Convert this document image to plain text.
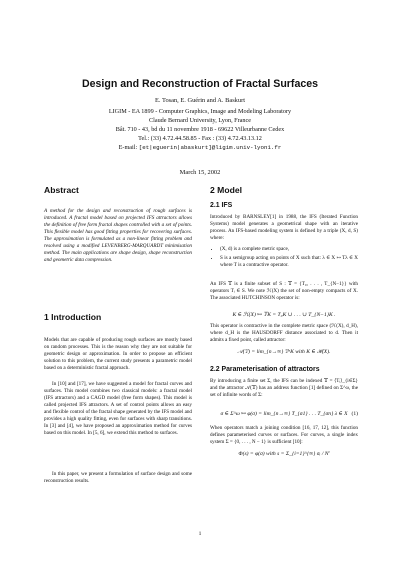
Design and Reconstruction of Fractal Surfaces
E. Tosan, E. Guérin and A. Baskurt
LIGIM - EA 1899 - Computer Graphics, Image and Modeling Laboratory
Claude Bernard University, Lyon, France
Bât. 710 - 43, bd du 11 novembre 1918 - 69622 Villeurbanne Cedex
Tel.: (33) 4.72.44.58.85 - Fax : (33) 4.72.43.13.12
E-mail: [et|eguerin|abaskurt]@ligim.univ-lyon1.fr
March 15, 2002
Abstract
A method for the design and reconstruction of rough surfaces is introduced. A fractal model based on projected IFS attractors allows the definition of free form fractal shapes controlled with a set of points. This flexible model has good fitting properties for recovering surfaces. The approximation is formulated as a non-linear fitting problem and resolved using a modified LEVENBERG-MARQUARDT minimisation method. The main applications are shape design, shape reconstruction and geometric data compression.
1 Introduction
Models that are capable of producing rough surfaces are mostly based on random processes. This is the reason why they are not suitable for geometric design or approximation. In order to propose an efficient solution to this problem, the current study presents a parametric model based on a deterministic fractal approach.
In [10] and [17], we have suggested a model for fractal curves and surfaces. This model combines two classical models: a fractal model (IFS attractors) and a CAGD model (free form shapes). This model is called projected IFS attractors. A set of control points allows an easy and flexible control of the fractal shape generated by the IFS model and provides a high quality fitting, even for surfaces with sharp transitions. In [3] and [4], we have proposed an approximation method for curves based on this model. In [5, 6], we extend this method to surfaces.
In this paper, we present a formulation of surface design and some reconstruction results.
2 Model
2.1 IFS
Introduced by BARNSLEY[1] in 1988, the IFS (Iterated Function Systems) model generates a geometrical shape with an iterative process. An IFS-based modeling system is defined by a triple (X, d, S) where:
• (X, d) is a complete metric space,
• S is a semigroup acting on points of X such that: λ ∈ X ↦ Tλ ∈ X where T is a contractive operator.
An IFS 𝕋 is a finite subset of S : 𝕋 = {T₀, . . . , T_{N−1}} with operators Tᵢ ∈ S. We note ℋ(X) the set of non-empty compacts of X. The associated HUTCHINSON operator is:
K ∈ ℋ(X) ↦ 𝕋K = T₀K ∪ . . . ∪ T_{N−1}K .
This operator is contractive in the complete metric space (ℋ(X), d_H), where d_H is the HAUSDORFF distance associated to d. Then it admits a fixed point, called attractor:
𝒜(𝕋) = lim_{n→∞} 𝕋ⁿK with K ∈ ℋ(X).
2.2 Parameterisation of attractors
By introducing a finite set Σ, the IFS can be indexed 𝕋 = ⟨Tᵢ⟩_{i∈Σ} and the attractor 𝒜(𝕋) has an address function [1] defined on Σ^ω, the set of infinite words of Σ:
σ ∈ Σ^ω ↦ φ(σ) = lim_{n→∞} T_{σ1} . . . T_{σn} λ ∈ X (1)
When operators match a joining condition [16, 17, 12], this function defines parameterised curves or surfaces. For curves, a single index system Σ = {0, . . . , N − 1} is sufficient [10]:
Φ(s) = φ(σ) with s = Σ_{i=1}^{∞} σᵢ / Nⁱ
1
